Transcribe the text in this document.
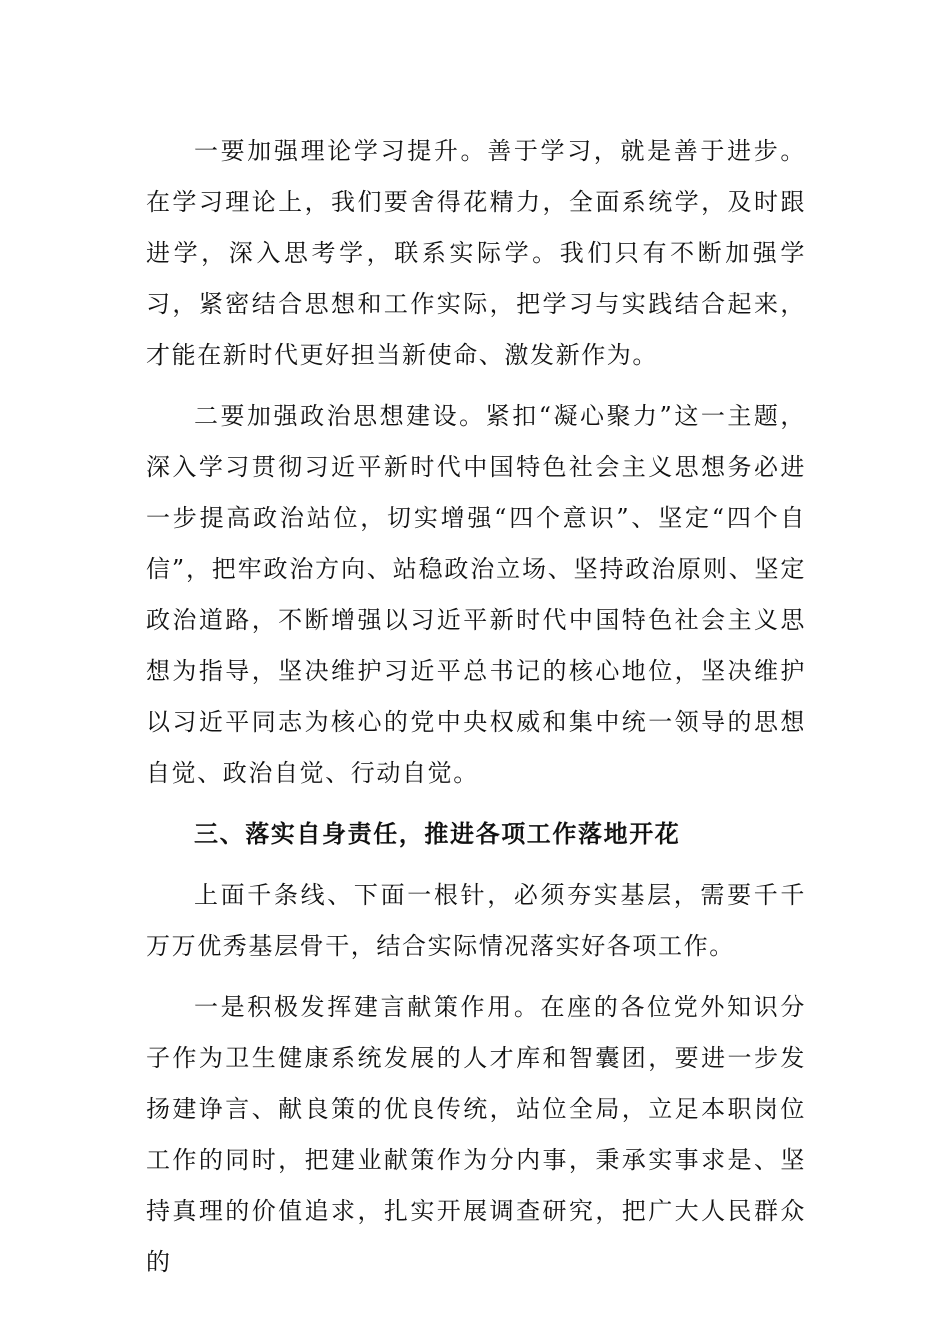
一要加强理论学习提升。善于学习，就是善于进步。在学习理论上，我们要舍得花精力，全面系统学，及时跟进学，深入思考学，联系实际学。我们只有不断加强学习，紧密结合思想和工作实际，把学习与实践结合起来，才能在新时代更好担当新使命、激发新作为。

二要加强政治思想建设。紧扣“凝心聚力”这一主题，深入学习贯彻习近平新时代中国特色社会主义思想务必进一步提高政治站位，切实增强“四个意识”、坚定“四个自信”，把牢政治方向、站稳政治立场、坚持政治原则、坚定政治道路，不断增强以习近平新时代中国特色社会主义思想为指导，坚决维护习近平总书记的核心地位，坚决维护以习近平同志为核心的党中央权威和集中统一领导的思想自觉、政治自觉、行动自觉。

三、落实自身责任，推进各项工作落地开花

上面千条线、下面一根针，必须夯实基层，需要千千万万优秀基层骨干，结合实际情况落实好各项工作。

一是积极发挥建言献策作用。在座的各位党外知识分子作为卫生健康系统发展的人才库和智囊团，要进一步发扬建诤言、献良策的优良传统，站位全局，立足本职岗位工作的同时，把建业献策作为分内事，秉承实事求是、坚持真理的价值追求，扎实开展调查研究，把广大人民群众的
